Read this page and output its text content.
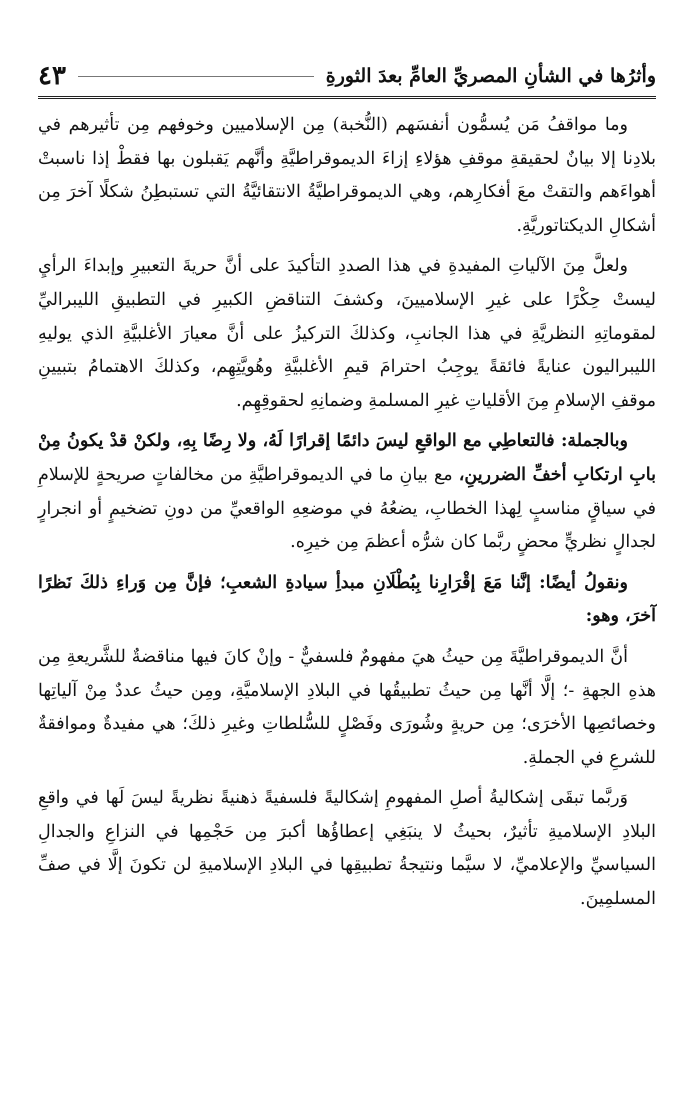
وأثرُها في الشأنِ المصريِّ العامِّ بعدَ الثورةِ
٤٣

وما مواقفُ مَن يُسمُّون أنفسَهم (النُّخبة) مِن الإسلاميين وخوفهم مِن تأثيرهم في بلادِنا إلا بيانٌ لحقيقةِ موقفِ هؤلاءِ إزاءَ الديموقراطيَّةِ وأنَّهم يَقبلون بها فقطْ إذا ناسبتْ أهواءَهم والتقتْ معَ أفكارِهم، وهي الديموقراطيَّةُ الانتقائيَّةُ التي تستبطِنُ شكلًا آخرَ مِن أشكالِ الديكتاتوريَّةِ.

ولعلَّ مِنَ الآلياتِ المفيدةِ في هذا الصددِ التأكيدَ على أنَّ حريةَ التعبيرِ وإبداءَ الرأيِ ليستْ حِكْرًا على غيرِ الإسلاميينَ، وكشفَ التناقضِ الكبيرِ في التطبيقِ الليبراليِّ لمقوماتِهِ النظريَّةِ في هذا الجانبِ، وكذلكَ التركيزُ على أنَّ معيارَ الأغلبيَّةِ الذي يوليهِ الليبراليون عنايةً فائقةً يوجِبُ احترامَ قيمِ الأغلبيَّةِ وهُويَّتِهِم، وكذلكَ الاهتمامُ بتبيينِ موقفِ الإسلامِ مِنَ الأقلياتِ غيرِ المسلمةِ وضمانِهِ لحقوقِهِم.

وبالجملة: فالتعاطِي مع الواقعِ ليسَ دائمًا إقرارًا لَهُ، ولا رِضًا بِهِ، ولكنْ قدْ يكونُ مِنْ بابِ ارتكابِ أخفِّ الضررينِ، مع بيانِ ما في الديموقراطيَّةِ من مخالفاتٍ صريحةٍ للإسلامِ في سياقٍ مناسبٍ لِهذا الخطابِ، يضعُهُ في موضعِهِ الواقعيِّ من دونِ تضخيمٍ أو انجرارٍ لجدالٍ نظريٍّ محضٍ ربَّما كان شرُّه أعظمَ مِن خيرِه.

ونقولُ أيضًا: إنَّنا مَعَ إقْرَارِنا بِبُطْلَانِ مبدأِ سيادةِ الشعبِ؛ فإنَّ مِن وَراءِ ذلكَ نَظرًا آخرَ، وهو:

أنَّ الديموقراطيَّةَ مِن حيثُ هيَ مفهومٌ فلسفيٌّ - وإنْ كانَ فيها مناقضةٌ للشَّريعةِ مِن هذهِ الجهةِ -؛ إلَّا أنَّها مِن حيثُ تطبيقُها في البلادِ الإسلاميَّةِ، ومِن حيثُ عددٌ مِنْ آلياتِها وخصائصِها الأخرَى؛ مِن حريةٍ وشُورَى وفَصْلٍ للسُّلطاتِ وغيرِ ذلكَ؛ هي مفيدةٌ وموافقةٌ للشرعِ في الجملةِ.

وَربَّما تبقَى إشكاليةُ أصلِ المفهومِ إشكاليةً فلسفيةً ذهنيةً نظريةً ليسَ لَها في واقعِ البلادِ الإسلاميةِ تأثيرٌ، بحيثُ لا ينبَغِي إعطاؤُها أكبرَ مِن حَجْمِها في النزاعِ والجدالِ السياسيِّ والإعلاميِّ، لا سيَّما ونتيجةُ تطبيقِها في البلادِ الإسلاميةِ لن تكونَ إلَّا في صفِّ المسلمِينَ.
